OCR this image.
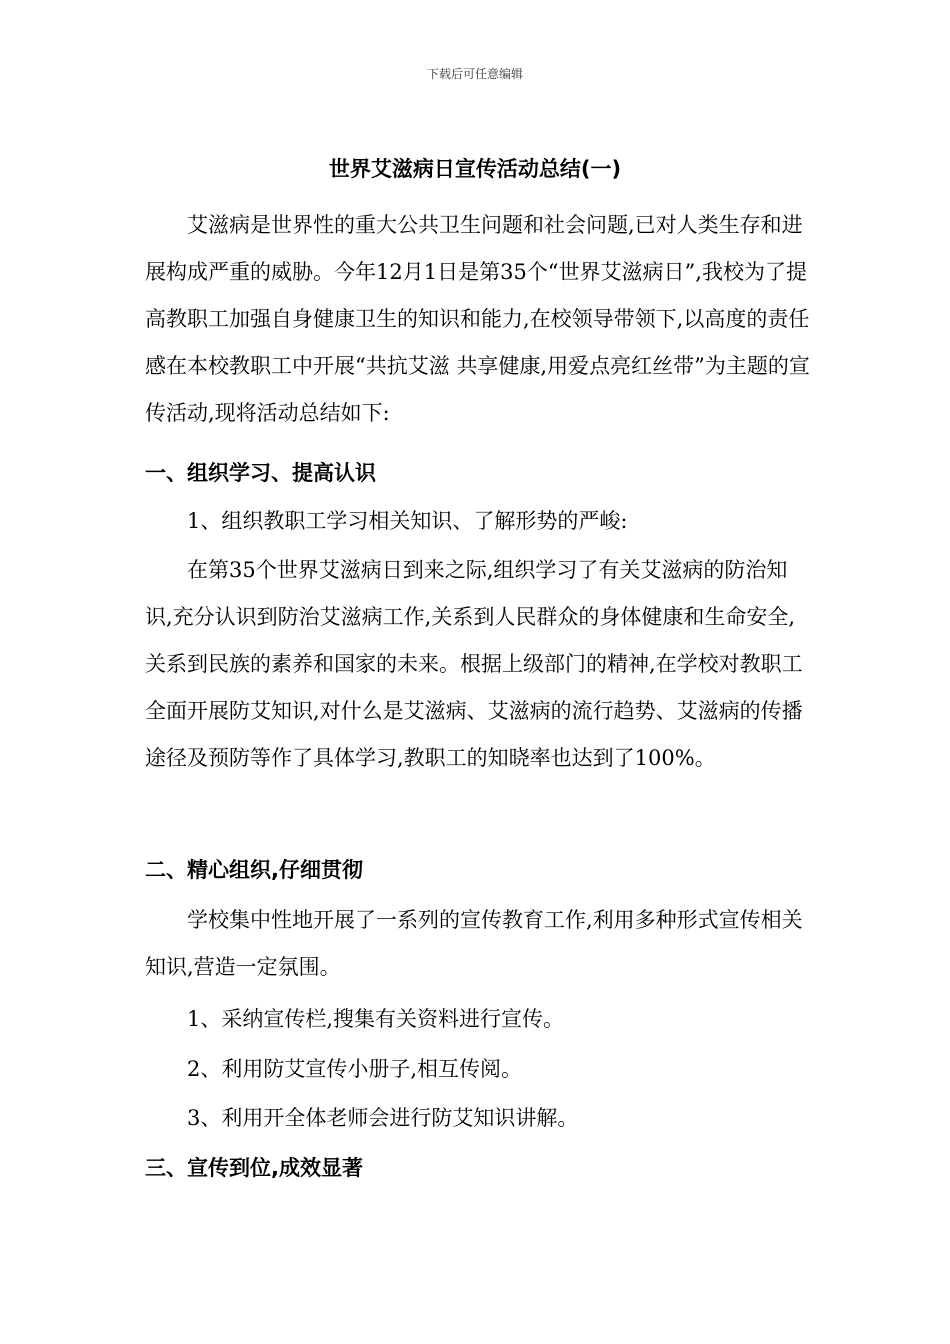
下载后可任意编辑
世界艾滋病日宣传活动总结(一)

艾滋病是世界性的重大公共卫生问题和社会问题,已对人类生存和进展构成严重的威胁。今年12月1日是第35个“世界艾滋病日”,我校为了提高教职工加强自身健康卫生的知识和能力,在校领导带领下,以高度的责任感在本校教职工中开展“共抗艾滋 共享健康,用爱点亮红丝带”为主题的宣传活动,现将活动总结如下:

一、组织学习、提高认识

1、组织教职工学习相关知识、了解形势的严峻:

在第35个世界艾滋病日到来之际,组织学习了有关艾滋病的防治知识,充分认识到防治艾滋病工作,关系到人民群众的身体健康和生命安全,关系到民族的素养和国家的未来。根据上级部门的精神,在学校对教职工全面开展防艾知识,对什么是艾滋病、艾滋病的流行趋势、艾滋病的传播途径及预防等作了具体学习,教职工的知晓率也达到了100%。

二、精心组织,仔细贯彻

学校集中性地开展了一系列的宣传教育工作,利用多种形式宣传相关知识,营造一定氛围。

1、采纳宣传栏,搜集有关资料进行宣传。

2、利用防艾宣传小册子,相互传阅。

3、利用开全体老师会进行防艾知识讲解。

三、宣传到位,成效显著
